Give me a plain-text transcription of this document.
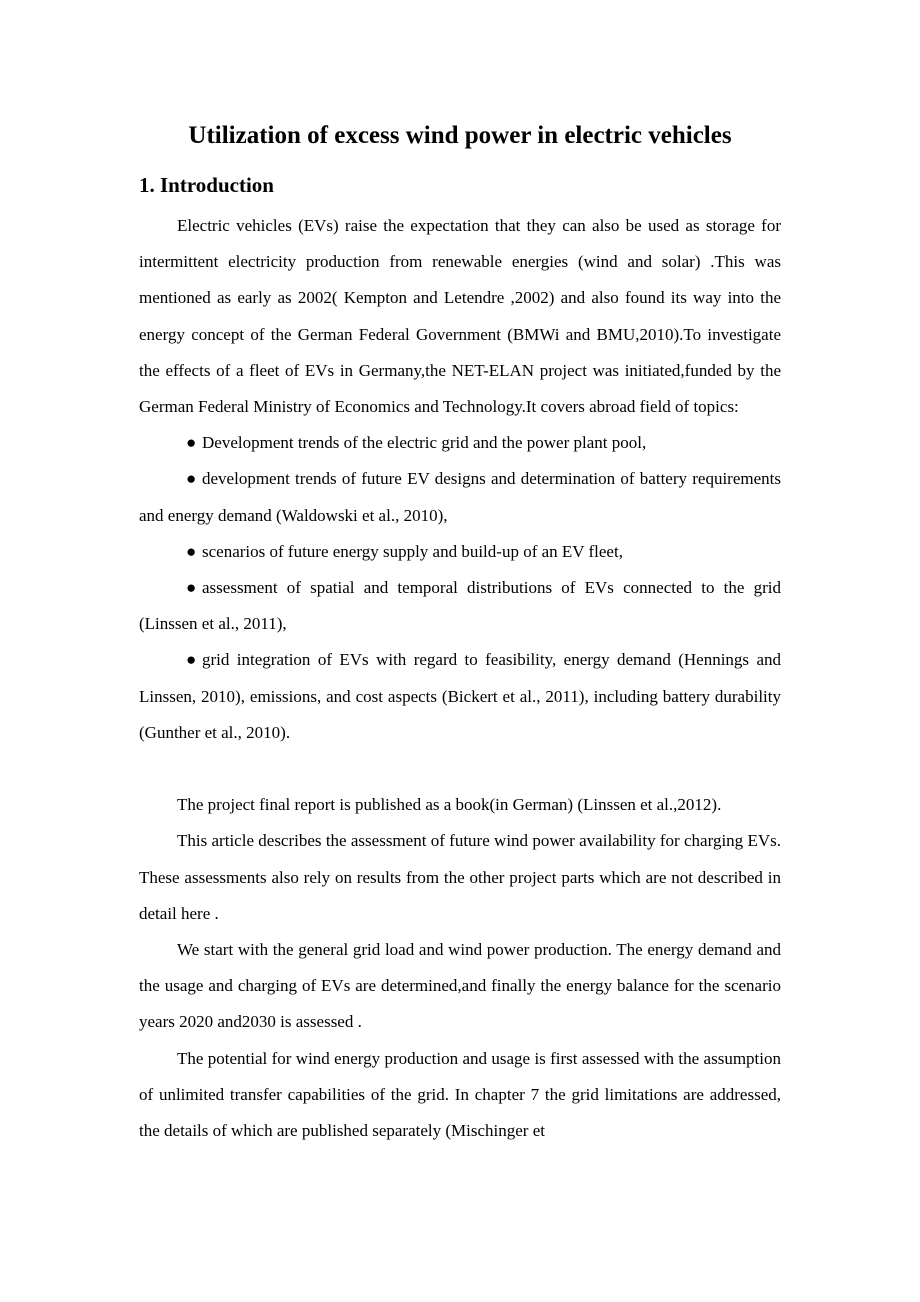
Utilization of excess wind power in electric vehicles
1. Introduction

Electric vehicles (EVs) raise the expectation that they can also be used as storage for intermittent electricity production from renewable energies (wind and solar) .This was mentioned as early as 2002( Kempton and Letendre ,2002) and also found its way into the energy concept of the German Federal Government (BMWi and BMU,2010).To investigate the effects of a fleet of EVs in Germany,the NET-ELAN project was initiated,funded by the German Federal Ministry of Economics and Technology.It covers abroad field of topics:

● Development trends of the electric grid and the power plant pool,

● development trends of future EV designs and determination of battery requirements and energy demand (Waldowski et al., 2010),

● scenarios of future energy supply and build-up of an EV fleet,

● assessment of spatial and temporal distributions of EVs connected to the grid (Linssen et al., 2011),

● grid integration of EVs with regard to feasibility, energy demand (Hennings and Linssen, 2010), emissions, and cost aspects (Bickert et al., 2011), including battery durability (Gunther et al., 2010).

The project final report is published as a book(in German) (Linssen et al.,2012).

This article describes the assessment of future wind power availability for charging EVs. These assessments also rely on results from the other project parts which are not described in detail here .

We start with the general grid load and wind power production. The energy demand and the usage and charging of EVs are determined,and finally the energy balance for the scenario years 2020 and2030 is assessed .

The potential for wind energy production and usage is first assessed with the assumption of unlimited transfer capabilities of the grid. In chapter 7 the grid limitations are addressed, the details of which are published separately (Mischinger et
